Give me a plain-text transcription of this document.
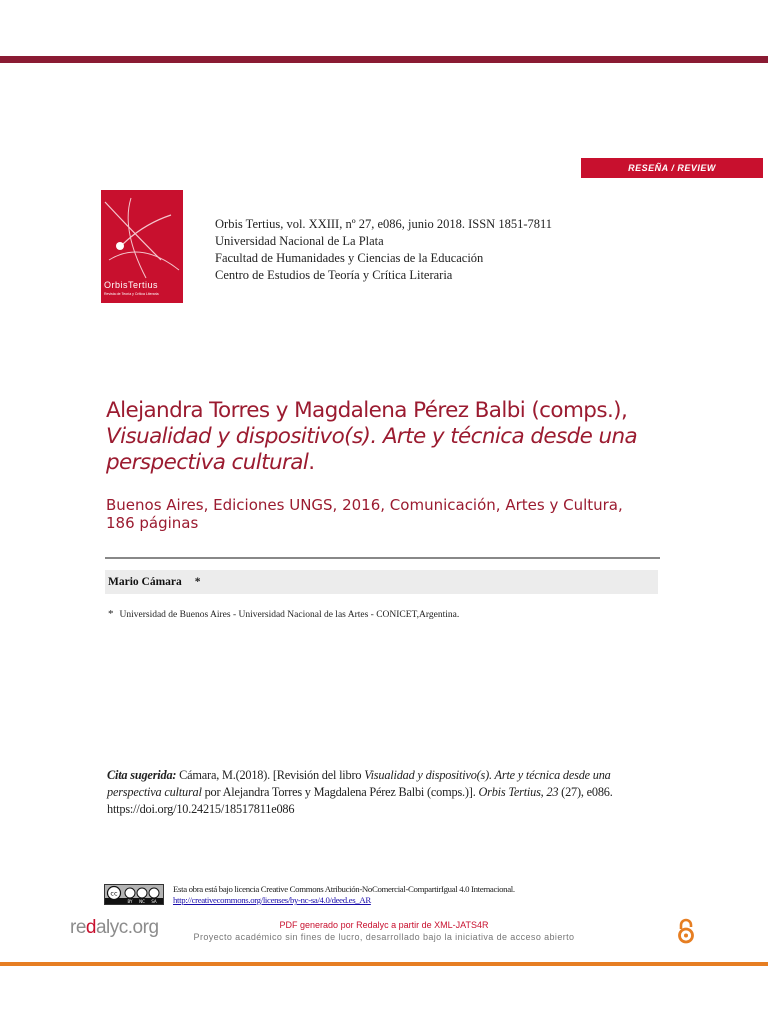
RESEÑA / REVIEW
OrbisTertius
Revista de Teoría y Crítica Literaria
Orbis Tertius, vol. XXIII, nº 27, e086, junio 2018. ISSN 1851-7811
Universidad Nacional de La Plata
Facultad de Humanidades y Ciencias de la Educación
Centro de Estudios de Teoría y Crítica Literaria
Alejandra Torres y Magdalena Pérez Balbi (comps.), Visualidad y dispositivo(s). Arte y técnica desde una perspectiva cultural.
Buenos Aires, Ediciones UNGS, 2016, Comunicación, Artes y Cultura, 186 páginas
Mario Cámara *
* Universidad de Buenos Aires - Universidad Nacional de las Artes - CONICET,Argentina.
Cita sugerida: Cámara, M.(2018). [Revisión del libro Visualidad y dispositivo(s). Arte y técnica desde una perspectiva cultural por Alejandra Torres y Magdalena Pérez Balbi (comps.)]. Orbis Tertius, 23 (27), e086. https://doi.org/10.24215/18517811e086
cc
BY NC SA
Esta obra está bajo licencia Creative Commons Atribución-NoComercial-CompartirIgual 4.0 Internacional.
http://creativecommons.org/licenses/by-nc-sa/4.0/deed.es_AR
redalyc.org	PDF generado por Redalyc a partir de XML-JATS4R
Proyecto académico sin fines de lucro, desarrollado bajo la iniciativa de acceso abierto
